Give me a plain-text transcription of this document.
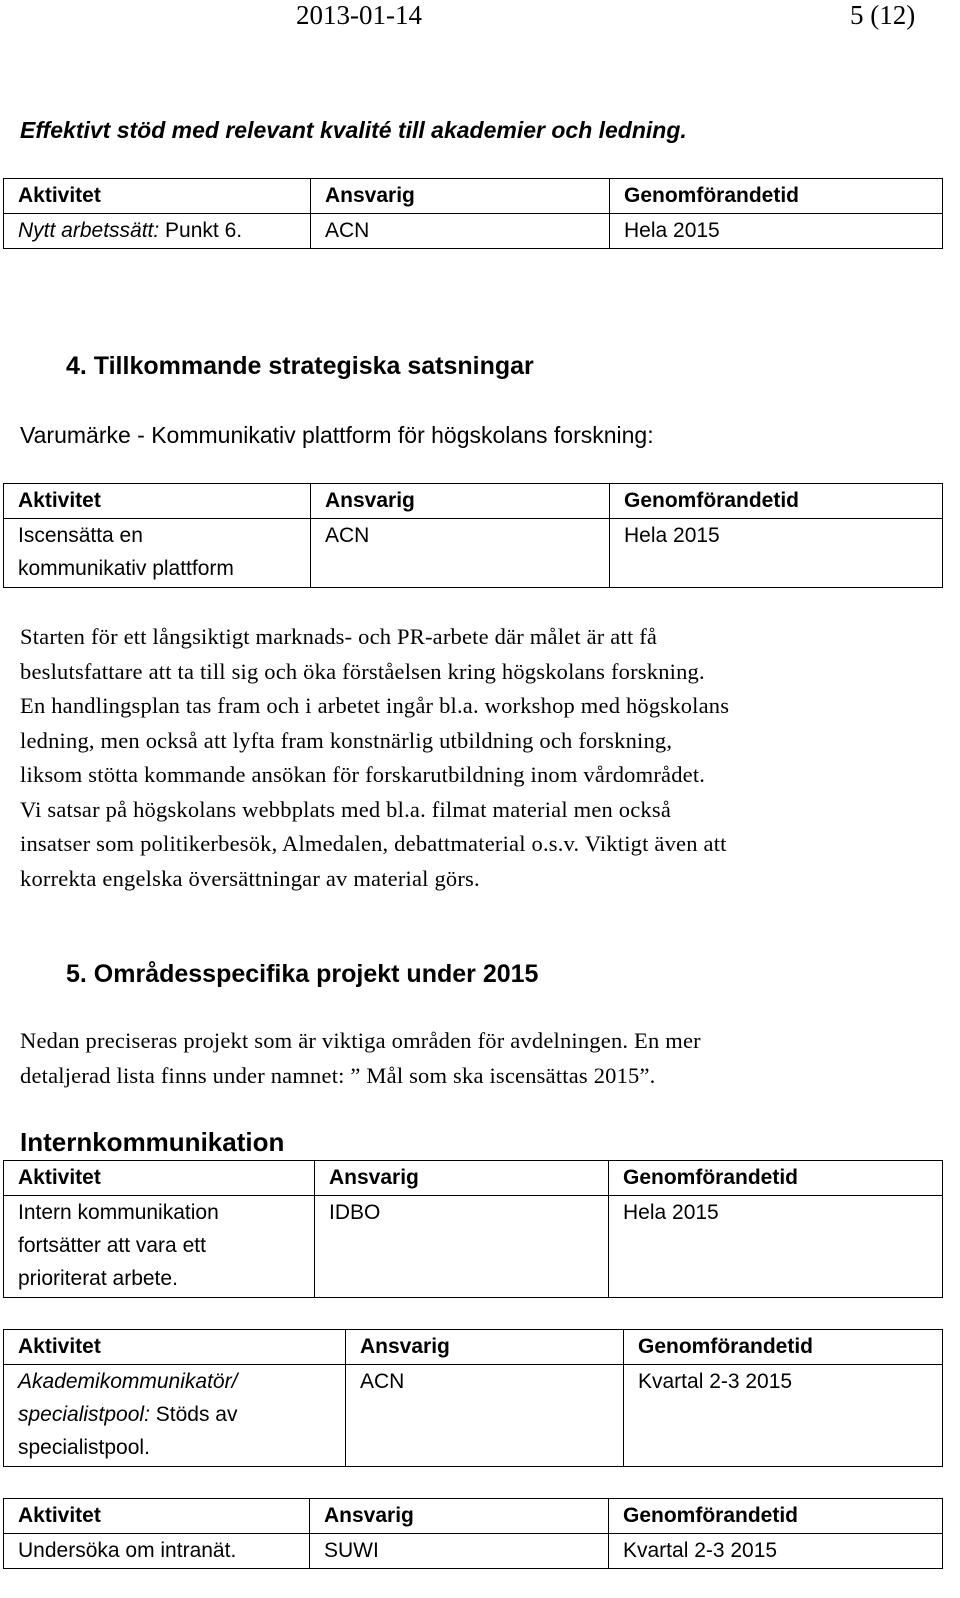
2013-01-14	5 (12)
Effektivt stöd med relevant kvalité till akademier och ledning.
Aktivitet	Ansvarig	Genomförandetid
Nytt arbetssätt: Punkt 6.	ACN	Hela 2015
4. Tillkommande strategiska satsningar
Varumärke - Kommunikativ plattform för högskolans forskning:
Aktivitet	Ansvarig	Genomförandetid

Iscensätta en
kommunikativ plattform	ACN	Hela 2015
Starten för ett långsiktigt marknads- och PR-arbete där målet är att få
beslutsfattare att ta till sig och öka förståelsen kring högskolans forskning.
En handlingsplan tas fram och i arbetet ingår bl.a. workshop med högskolans
ledning, men också att lyfta fram konstnärlig utbildning och forskning,
liksom stötta kommande ansökan för forskarutbildning inom vårdområdet.
Vi satsar på högskolans webbplats med bl.a. filmat material men också
insatser som politikerbesök, Almedalen, debattmaterial o.s.v. Viktigt även att
korrekta engelska översättningar av material görs.
5. Områdesspecifika projekt under 2015
Nedan preciseras projekt som är viktiga områden för avdelningen. En mer
detaljerad lista finns under namnet: ” Mål som ska iscensättas 2015”.
Internkommunikation
Aktivitet	Ansvarig	Genomförandetid

Intern kommunikation
fortsätter att vara ett
prioriterat arbete.	IDBO	Hela 2015
Aktivitet	Ansvarig	Genomförandetid

Akademikommunikatör/
specialistpool: Stöds av
specialistpool.	ACN	Kvartal 2-3 2015
Aktivitet	Ansvarig	Genomförandetid
Undersöka om intranät.	SUWI	Kvartal 2-3 2015
